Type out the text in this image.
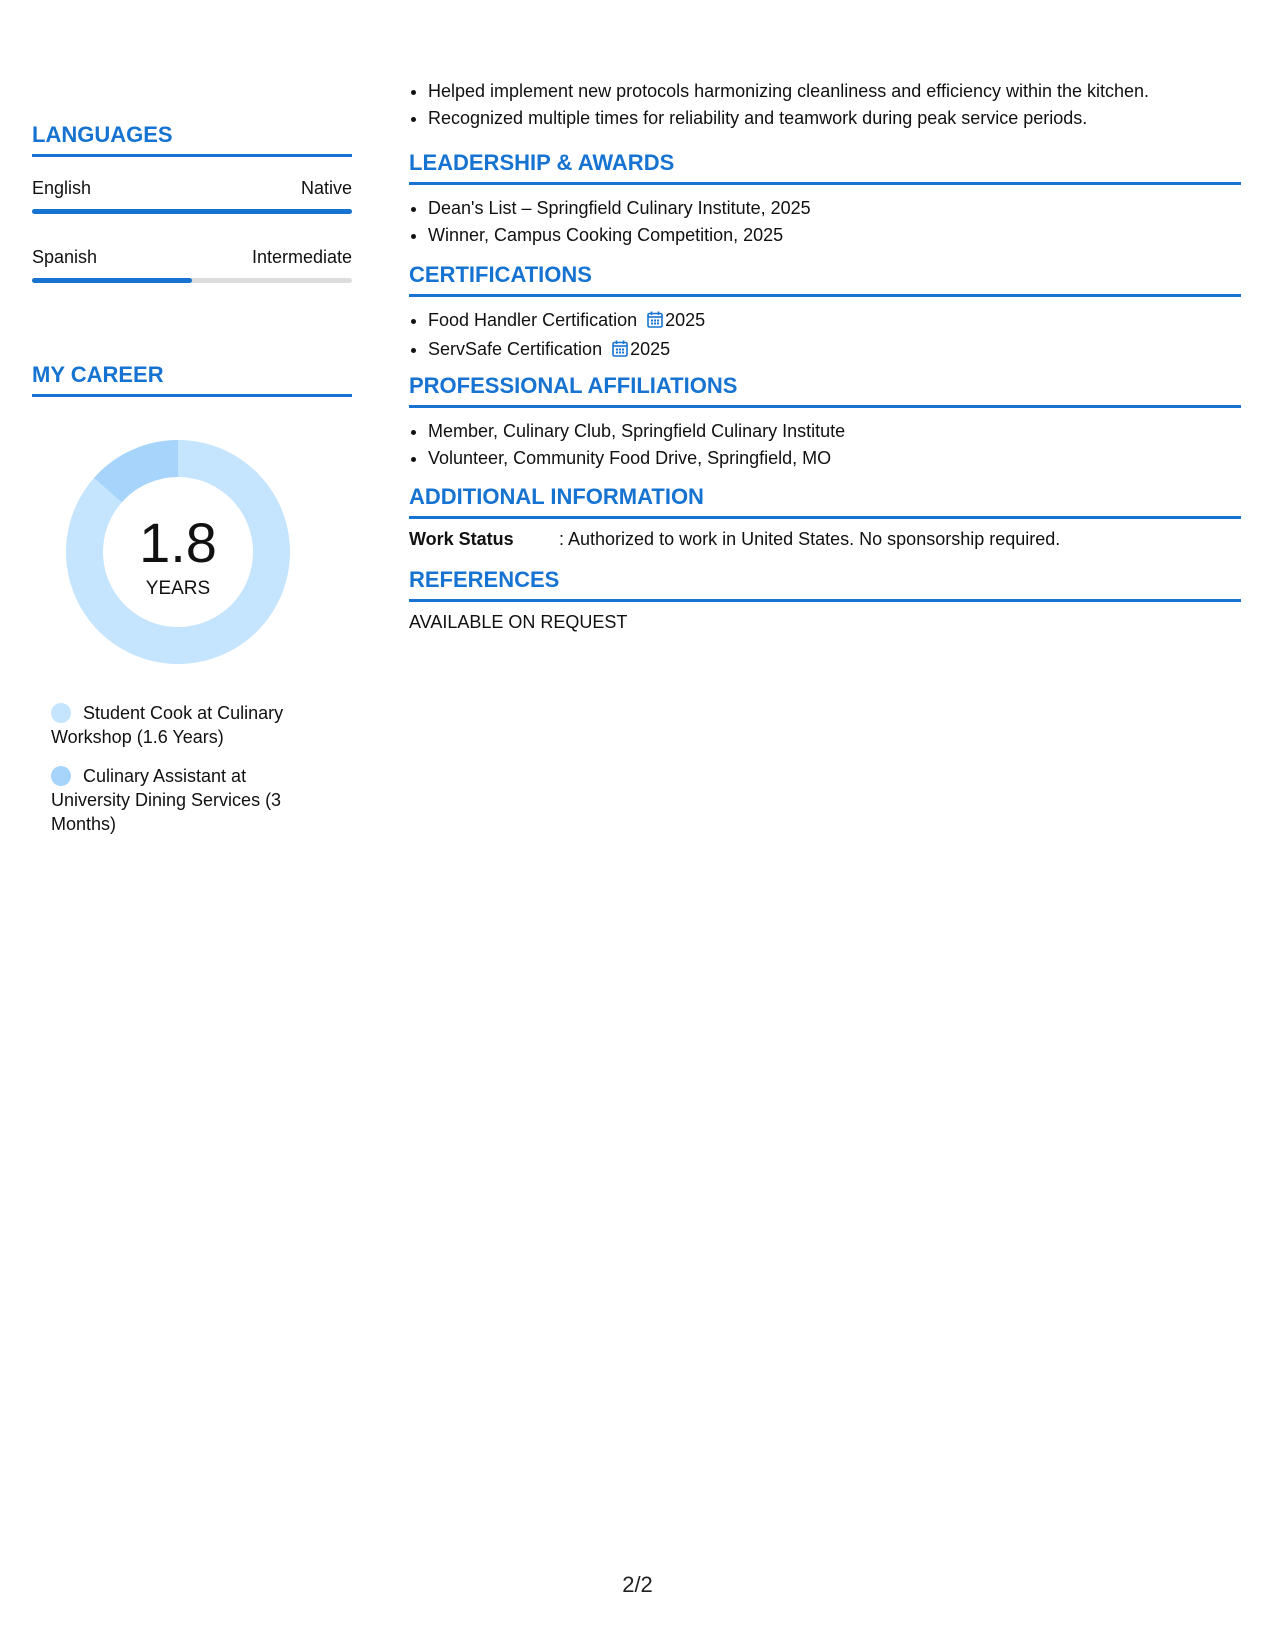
LANGUAGES
English	Native
Spanish	Intermediate
MY CAREER
1.8
YEARS
Student Cook at Culinary Workshop (1.6 Years)
Culinary Assistant at University Dining Services (3 Months)
• Helped implement new protocols harmonizing cleanliness and efficiency within the kitchen.
• Recognized multiple times for reliability and teamwork during peak service periods.
LEADERSHIP & AWARDS
• Dean's List – Springfield Culinary Institute, 2025
• Winner, Campus Cooking Competition, 2025
CERTIFICATIONS
• Food Handler Certification 2025
• ServSafe Certification 2025
PROFESSIONAL AFFILIATIONS
• Member, Culinary Club, Springfield Culinary Institute
• Volunteer, Community Food Drive, Springfield, MO
ADDITIONAL INFORMATION
Work Status	: Authorized to work in United States. No sponsorship required.
REFERENCES
AVAILABLE ON REQUEST
2/2
